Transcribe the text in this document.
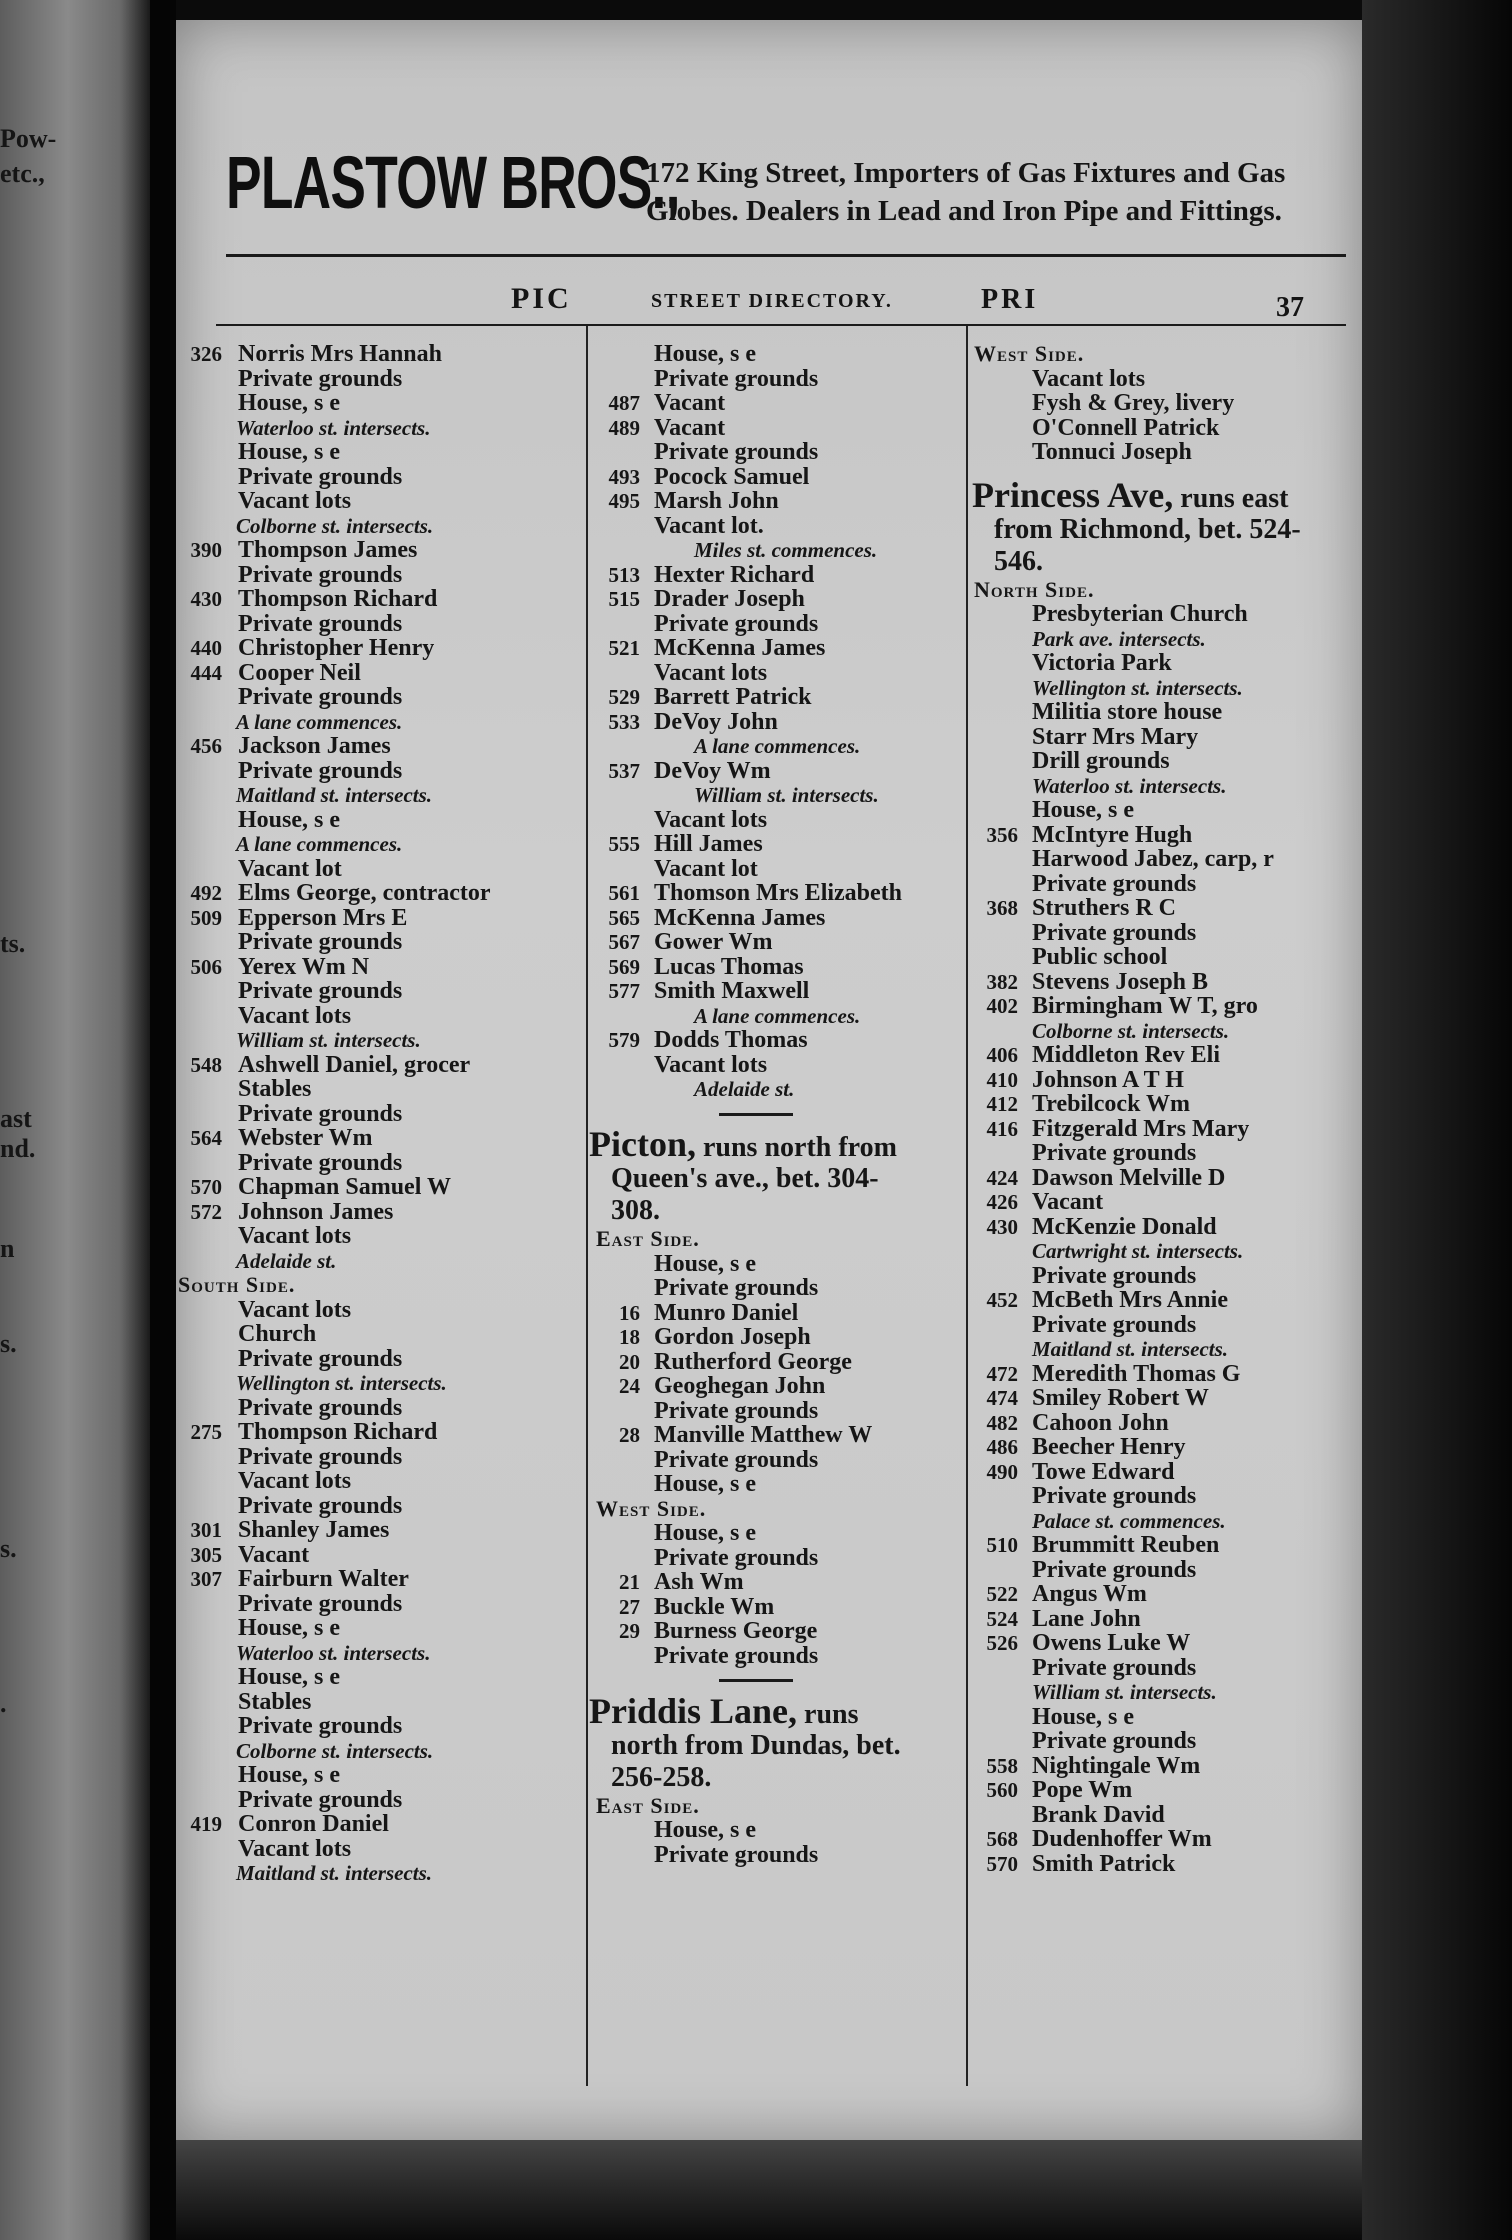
PLASTOW BROS.,
172 King Street, Importers of Gas Fixtures and Gas Globes. Dealers in Lead and Iron Pipe and Fittings.
PIC	STREET DIRECTORY.	PRI	37
326 Norris Mrs Hannah
Private grounds
House, s e
Waterloo st. intersects.
House, s e
Private grounds
Vacant lots
Colborne st. intersects.
390 Thompson James
Private grounds
430 Thompson Richard
Private grounds
440 Christopher Henry
444 Cooper Neil
Private grounds
A lane commences.
456 Jackson James
Private grounds
Maitland st. intersects.
House, s e
A lane commences.
Vacant lot
492 Elms George, contractor
509 Epperson Mrs E
Private grounds
506 Yerex Wm N
Private grounds
Vacant lots
William st. intersects.
548 Ashwell Daniel, grocer
Stables
Private grounds
564 Webster Wm
Private grounds
570 Chapman Samuel W
572 Johnson James
Vacant lots
Adelaide st.
South Side.
Vacant lots
Church
Private grounds
Wellington st. intersects.
Private grounds
275 Thompson Richard
Private grounds
Vacant lots
Private grounds
301 Shanley James
305 Vacant
307 Fairburn Walter
Private grounds
House, s e
Waterloo st. intersects.
House, s e
Stables
Private grounds
Colborne st. intersects.
House, s e
Private grounds
419 Conron Daniel
Vacant lots
Maitland st. intersects.
House, s e
Private grounds
487 Vacant
489 Vacant
Private grounds
493 Pocock Samuel
495 Marsh John
Vacant lot.
Miles st. commences.
513 Hexter Richard
515 Drader Joseph
Private grounds
521 McKenna James
Vacant lots
529 Barrett Patrick
533 DeVoy John
A lane commences.
537 DeVoy Wm
William st. intersects.
Vacant lots
555 Hill James
Vacant lot
561 Thomson Mrs Elizabeth
565 McKenna James
567 Gower Wm
569 Lucas Thomas
577 Smith Maxwell
A lane commences.
579 Dodds Thomas
Vacant lots
Adelaide st.
Picton, runs north from
Queen's ave., bet. 304-
308.
East Side.
House, s e
Private grounds
16 Munro Daniel
18 Gordon Joseph
20 Rutherford George
24 Geoghegan John
Private grounds
28 Manville Matthew W
Private grounds
House, s e
West Side.
House, s e
Private grounds
21 Ash Wm
27 Buckle Wm
29 Burness George
Private grounds
Priddis Lane, runs
north from Dundas, bet.
256-258.
East Side.
House, s e
Private grounds
West Side.
Vacant lots
Fysh & Grey, livery
O'Connell Patrick
Tonnuci Joseph
Princess Ave, runs east
from Richmond, bet. 524-
546.
North Side.
Presbyterian Church
Park ave. intersects.
Victoria Park
Wellington st. intersects.
Militia store house
Starr Mrs Mary
Drill grounds
Waterloo st. intersects.
House, s e
356 McIntyre Hugh
Harwood Jabez, carp, r
Private grounds
368 Struthers R C
Private grounds
Public school
382 Stevens Joseph B
402 Birmingham W T, gro
Colborne st. intersects.
406 Middleton Rev Eli
410 Johnson A T H
412 Trebilcock Wm
416 Fitzgerald Mrs Mary
Private grounds
424 Dawson Melville D
426 Vacant
430 McKenzie Donald
Cartwright st. intersects.
Private grounds
452 McBeth Mrs Annie
Private grounds
Maitland st. intersects.
472 Meredith Thomas G
474 Smiley Robert W
482 Cahoon John
486 Beecher Henry
490 Towe Edward
Private grounds
Palace st. commences.
510 Brummitt Reuben
Private grounds
522 Angus Wm
524 Lane John
526 Owens Luke W
Private grounds
William st. intersects.
House, s e
Private grounds
558 Nightingale Wm
560 Pope Wm
Brank David
568 Dudenhoffer Wm
570 Smith Patrick
Pow-
etc.,
ts.
ast
nd.
n
s.
s.
.
